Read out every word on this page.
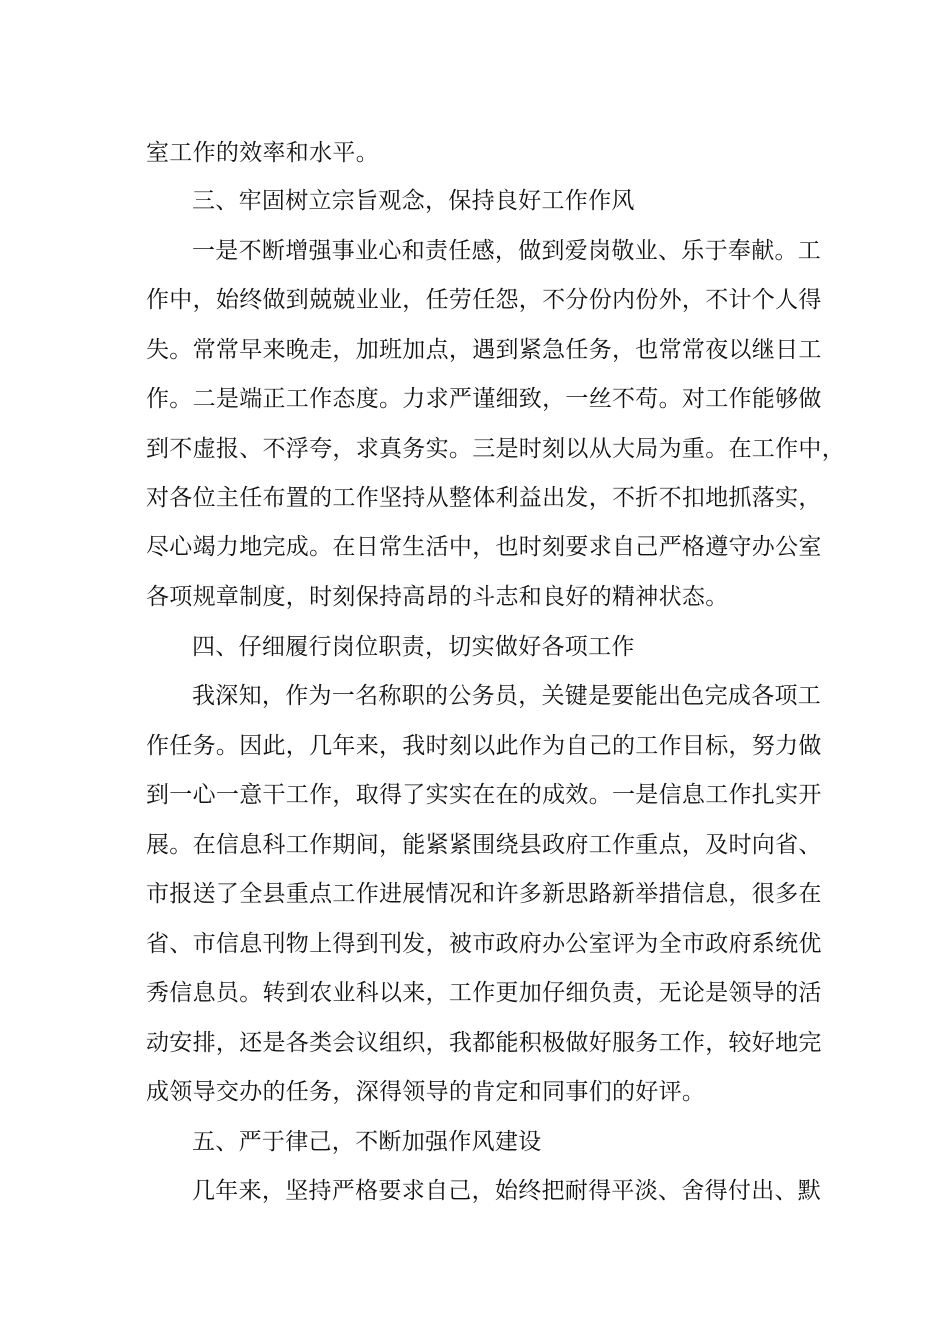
室工作的效率和水平。
三、牢固树立宗旨观念，保持良好工作作风
一是不断增强事业心和责任感，做到爱岗敬业、乐于奉献。工
作中，始终做到兢兢业业，任劳任怨，不分份内份外，不计个人得
失。常常早来晚走，加班加点，遇到紧急任务，也常常夜以继日工
作。二是端正工作态度。力求严谨细致，一丝不苟。对工作能够做
到不虚报、不浮夸，求真务实。三是时刻以从大局为重。在工作中，
对各位主任布置的工作坚持从整体利益出发，不折不扣地抓落实，
尽心竭力地完成。在日常生活中，也时刻要求自己严格遵守办公室
各项规章制度，时刻保持高昂的斗志和良好的精神状态。
四、仔细履行岗位职责，切实做好各项工作
我深知，作为一名称职的公务员，关键是要能出色完成各项工
作任务。因此，几年来，我时刻以此作为自己的工作目标，努力做
到一心一意干工作，取得了实实在在的成效。一是信息工作扎实开
展。在信息科工作期间，能紧紧围绕县政府工作重点，及时向省、
市报送了全县重点工作进展情况和许多新思路新举措信息，很多在
省、市信息刊物上得到刊发，被市政府办公室评为全市政府系统优
秀信息员。转到农业科以来，工作更加仔细负责，无论是领导的活
动安排，还是各类会议组织，我都能积极做好服务工作，较好地完
成领导交办的任务，深得领导的肯定和同事们的好评。
五、严于律己，不断加强作风建设
几年来，坚持严格要求自己，始终把耐得平淡、舍得付出、默
